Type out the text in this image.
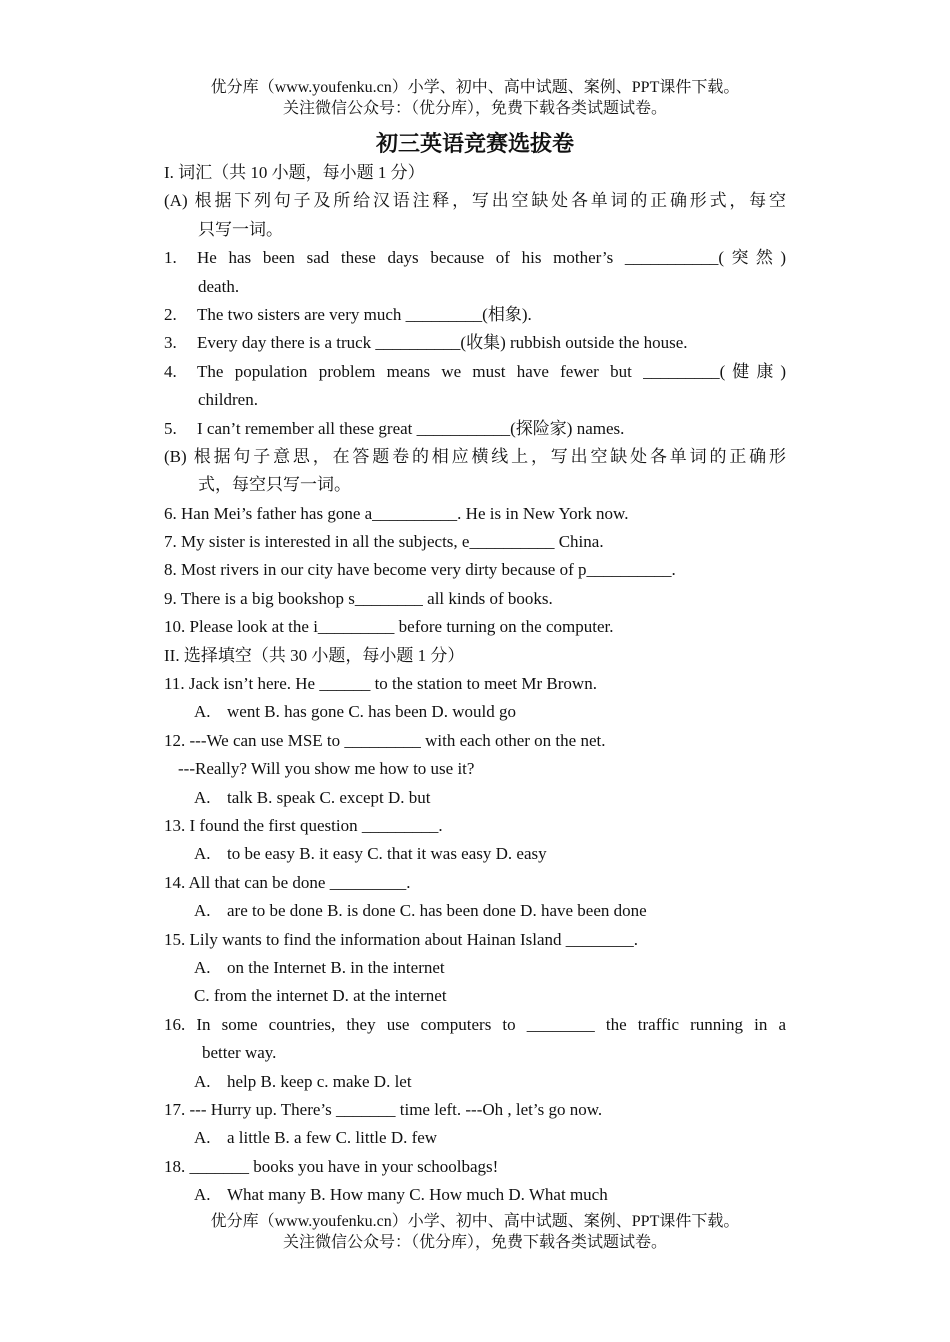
优分库（www.youfenku.cn）小学、初中、高中试题、案例、PPT课件下载。
关注微信公众号：（优分库），免费下载各类试题试卷。
初三英语竞赛选拔卷
I. 词汇（共 10 小题，每小题 1 分）
(A) 根据下列句子及所给汉语注释，写出空缺处各单词的正确形式，每空
只写一词。
1.	He has been sad these days because of his mother’s ___________(突然)
death.
2.	The two sisters are very much _________(相象).
3.	Every day there is a truck __________(收集) rubbish outside the house.
4.	The population problem means we must have fewer but _________(健康)
children.
5.	I can’t remember all these great ___________(探险家) names.
(B) 根据句子意思，在答题卷的相应横线上，写出空缺处各单词的正确形
式，每空只写一词。
6. Han Mei’s father has gone a__________. He is in New York now.
7. My sister is interested in all the subjects, e__________ China.
8. Most rivers in our city have become very dirty because of p__________.
9. There is a big bookshop s________ all kinds of books.
10. Please look at the i_________ before turning on the computer.
II. 选择填空（共 30 小题，每小题 1 分）
11. Jack isn’t here. He ______ to the station to meet Mr Brown.
A. went B. has gone C. has been D. would go
12. ---We can use MSE to _________ with each other on the net.
---Really? Will you show me how to use it?
A. talk B. speak C. except D. but
13. I found the first question _________.
A. to be easy B. it easy C. that it was easy D. easy
14. All that can be done _________.
A. are to be done B. is done C. has been done D. have been done
15. Lily wants to find the information about Hainan Island ________.
A. on the Internet B. in the internet
C. from the internet D. at the internet
16. In some countries, they use computers to ________ the traffic running in a
better way.
A. help B. keep c. make D. let
17. --- Hurry up. There’s _______ time left. ---Oh , let’s go now.
A. a little B. a few C. little D. few
18. _______ books you have in your schoolbags!
A. What many B. How many C. How much D. What much
优分库（www.youfenku.cn）小学、初中、高中试题、案例、PPT课件下载。
关注微信公众号：（优分库），免费下载各类试题试卷。
